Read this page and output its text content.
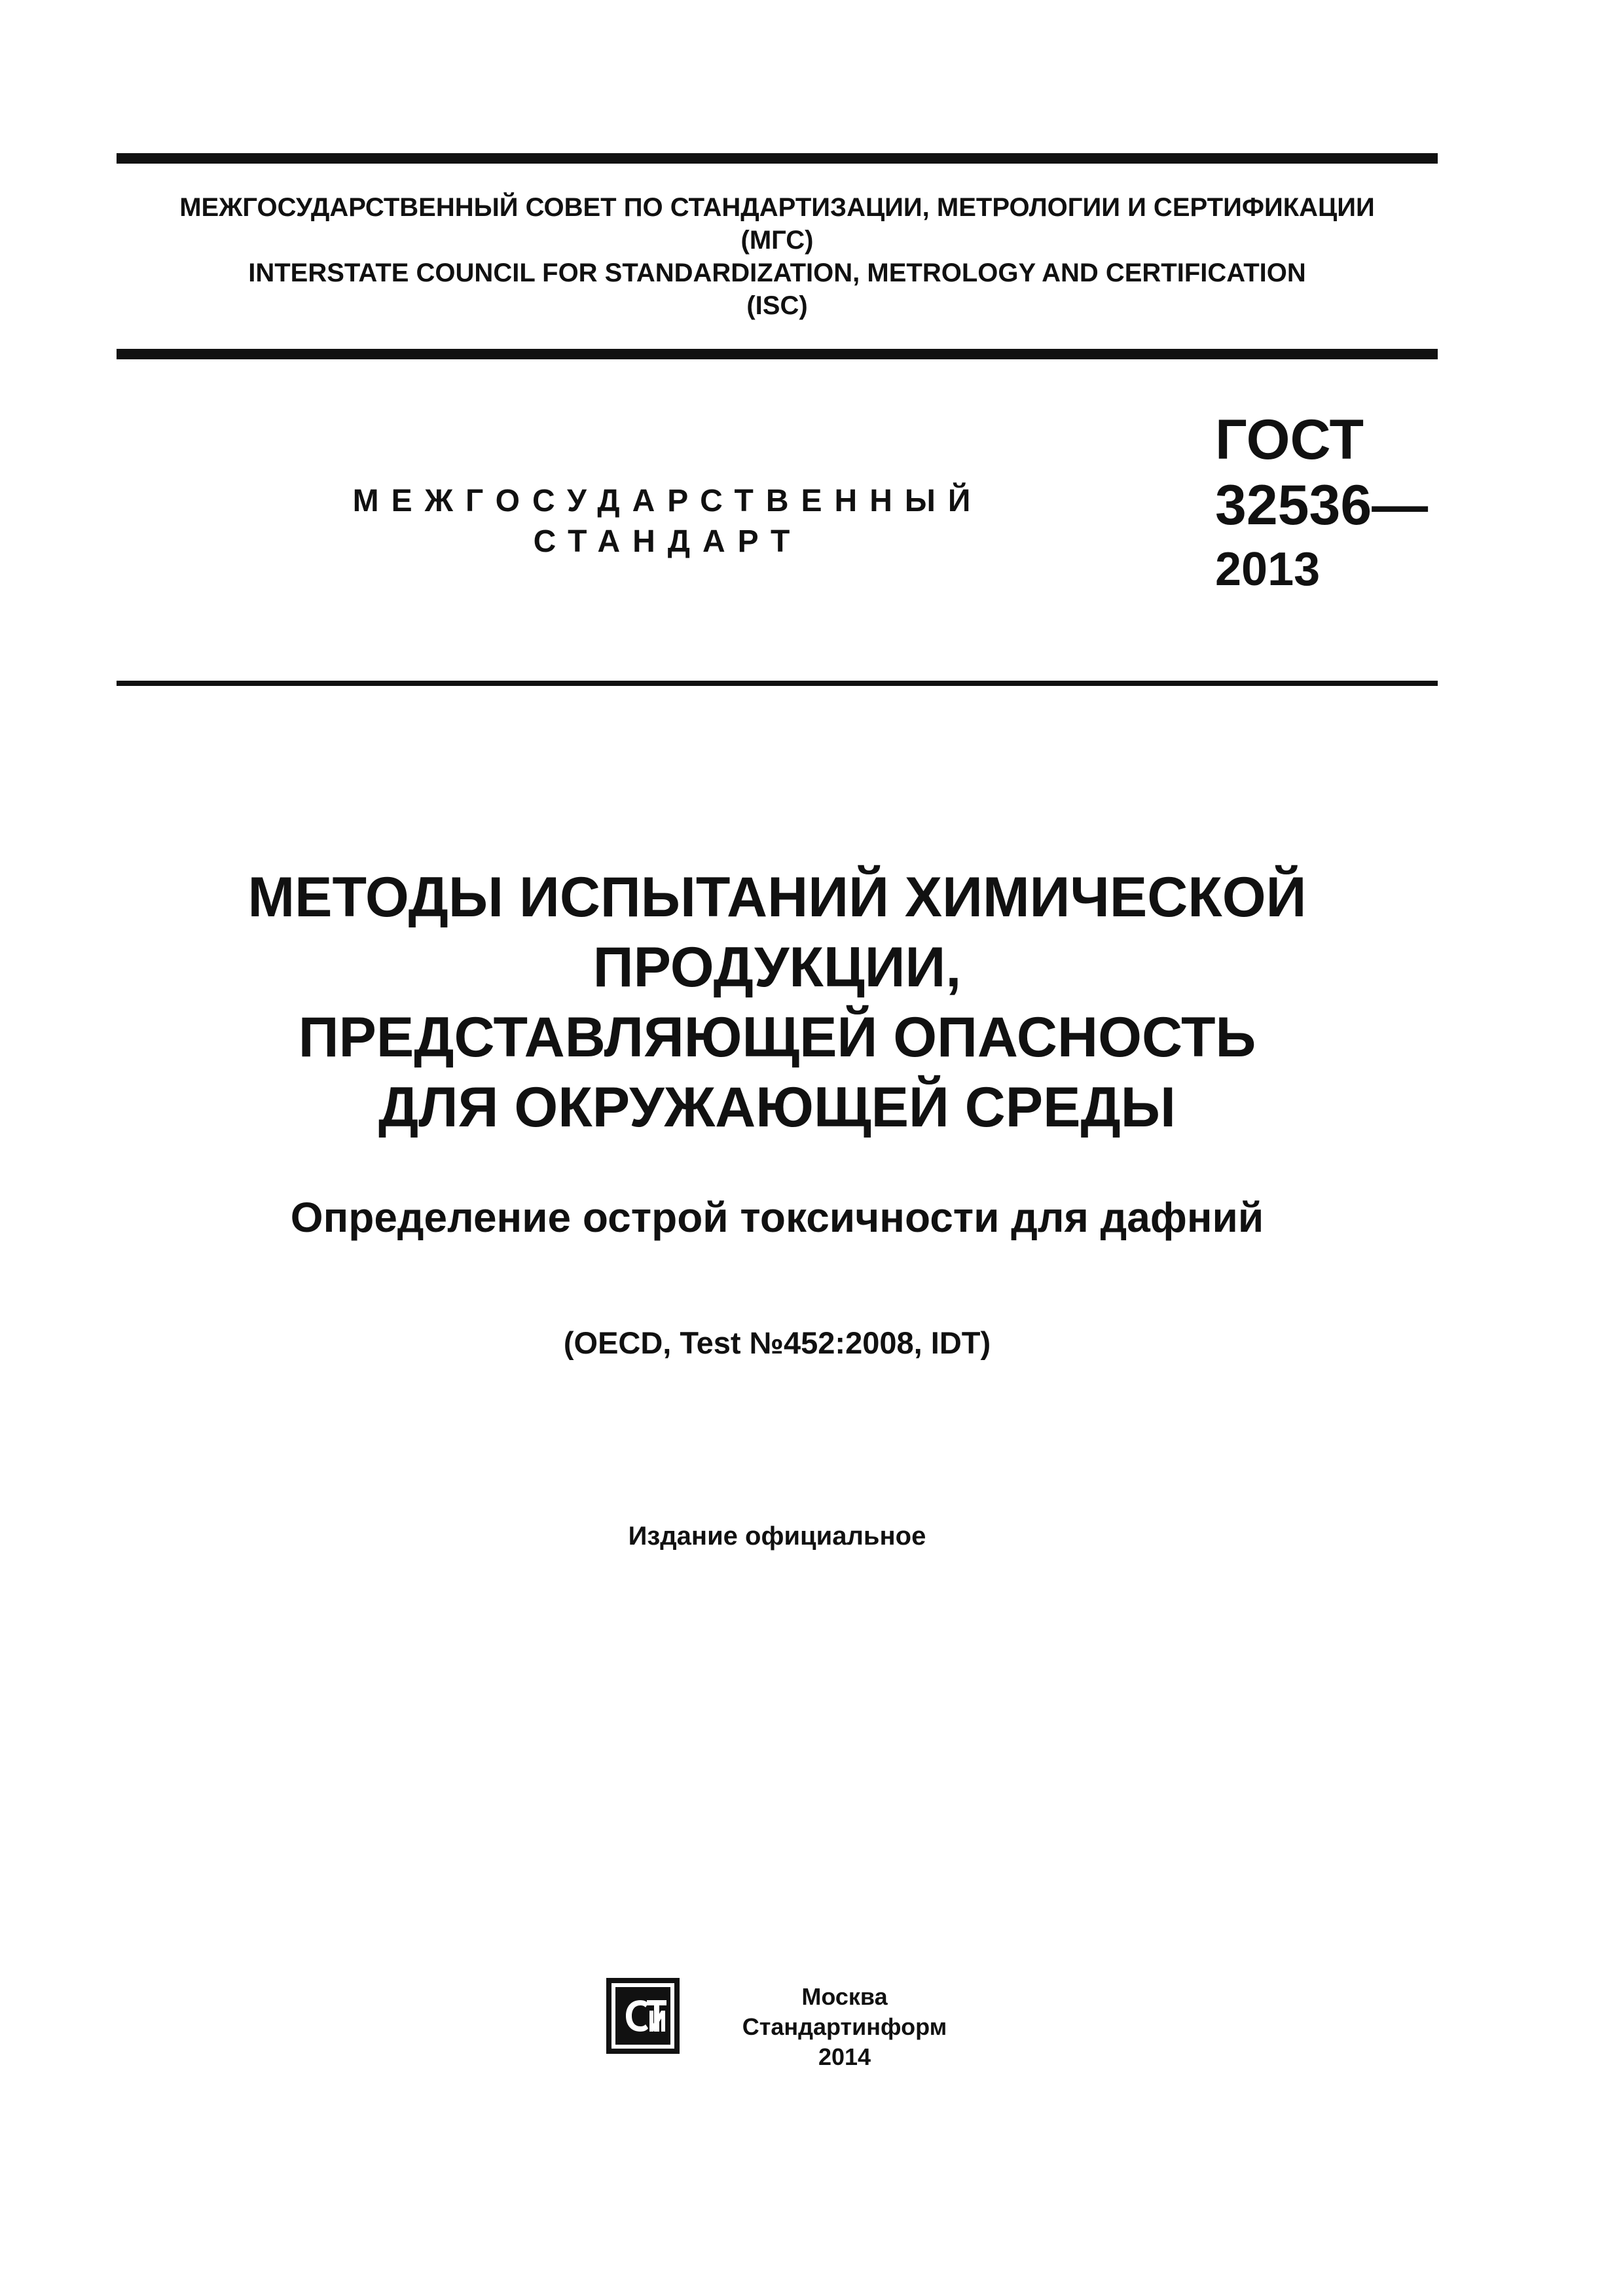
МЕЖГОСУДАРСТВЕННЫЙ СОВЕТ ПО СТАНДАРТИЗАЦИИ, МЕТРОЛОГИИ И СЕРТИФИКАЦИИ
(МГС)
INTERSTATE COUNCIL FOR STANDARDIZATION, METROLOGY AND CERTIFICATION
(ISC)
МЕЖГОСУДАРСТВЕННЫЙ
СТАНДАРТ
ГОСТ
32536—
2013
МЕТОДЫ ИСПЫТАНИЙ ХИМИЧЕСКОЙ
ПРОДУКЦИИ,
ПРЕДСТАВЛЯЮЩЕЙ ОПАСНОСТЬ
ДЛЯ ОКРУЖАЮЩЕЙ СРЕДЫ
Определение острой токсичности для дафний
(OECD, Test №452:2008, IDT)
Издание официальное
Москва
Стандартинформ
2014
